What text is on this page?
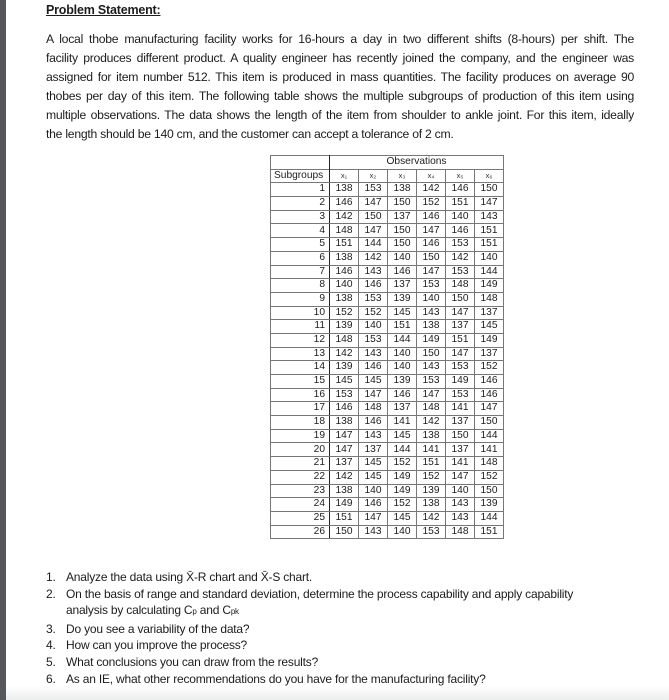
Problem Statement:
A local thobe manufacturing facility works for 16-hours a day in two different shifts (8-hours) per shift. The
facility produces different product. A quality engineer has recently joined the company, and the engineer was
assigned for item number 512. This item is produced in mass quantities. The facility produces on average 90
thobes per day of this item. The following table shows the multiple subgroups of production of this item using
multiple observations. The data shows the length of the item from shoulder to ankle joint. For this item, ideally
the length should be 140 cm, and the customer can accept a tolerance of 2 cm.
	Observations					
Subgroups	x₁	x₂	x₃	x₄	x₅	x₆
1	138	153	138	142	146	150
2	146	147	150	152	151	147
3	142	150	137	146	140	143
4	148	147	150	147	146	151
5	151	144	150	146	153	151
6	138	142	140	150	142	140
7	146	143	146	147	153	144
8	140	146	137	153	148	149
9	138	153	139	140	150	148
10	152	152	145	143	147	137
11	139	140	151	138	137	145
12	148	153	144	149	151	149
13	142	143	140	150	147	137
14	139	146	140	143	153	152
15	145	145	139	153	149	146
16	153	147	146	147	153	146
17	146	148	137	148	141	147
18	138	146	141	142	137	150
19	147	143	145	138	150	144
20	147	137	144	141	137	141
21	137	145	152	151	141	148
22	142	145	149	152	147	152
23	138	140	149	139	140	150
24	149	146	152	138	143	139
25	151	147	145	142	143	144
26	150	143	140	153	148	151
1. Analyze the data using X̄-R chart and X̄-S chart.
2. On the basis of range and standard deviation, determine the process capability and apply capability
analysis by calculating Cp and Cpk
3. Do you see a variability of the data?
4. How can you improve the process?
5. What conclusions you can draw from the results?
6. As an IE, what other recommendations do you have for the manufacturing facility?
